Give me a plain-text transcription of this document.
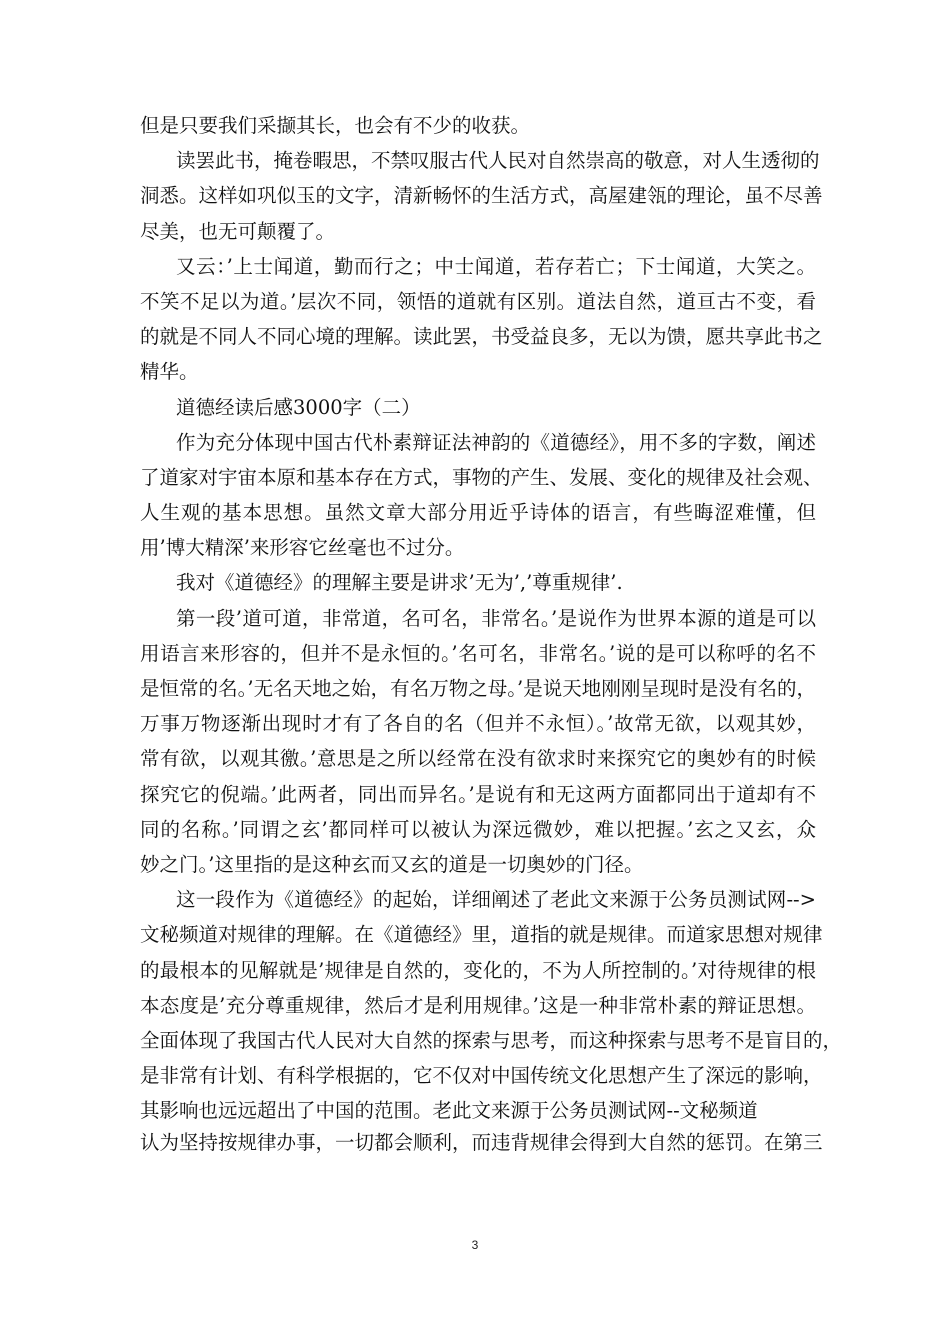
但是只要我们采撷其长，也会有不少的收获。
读罢此书，掩卷暇思，不禁叹服古代人民对自然崇高的敬意，对人生透彻的
洞悉。这样如巩似玉的文字，清新畅怀的生活方式，高屋建瓴的理论，虽不尽善
尽美，也无可颠覆了。
又云：’上士闻道，勤而行之；中士闻道，若存若亡；下士闻道，大笑之。
不笑不足以为道。’层次不同，领悟的道就有区别。道法自然，道亘古不变，看
的就是不同人不同心境的理解。读此罢，书受益良多，无以为馈，愿共享此书之
精华。
道德经读后感3000字（二）
作为充分体现中国古代朴素辩证法神韵的《道德经》，用不多的字数，阐述
了道家对宇宙本原和基本存在方式，事物的产生、发展、变化的规律及社会观、
人生观的基本思想。虽然文章大部分用近乎诗体的语言，有些晦涩难懂，但
用’博大精深’来形容它丝毫也不过分。
我对《道德经》的理解主要是讲求’无为’,’尊重规律’.
第一段’道可道，非常道，名可名，非常名。’是说作为世界本源的道是可以
用语言来形容的，但并不是永恒的。’名可名，非常名。’说的是可以称呼的名不
是恒常的名。’无名天地之始，有名万物之母。’是说天地刚刚呈现时是没有名的，
万事万物逐渐出现时才有了各自的名（但并不永恒）。’故常无欲，以观其妙，
常有欲，以观其徼。’意思是之所以经常在没有欲求时来探究它的奥妙有的时候
探究它的倪端。’此两者，同出而异名。’是说有和无这两方面都同出于道却有不
同的名称。’同谓之玄’都同样可以被认为深远微妙，难以把握。’玄之又玄，众
妙之门。’这里指的是这种玄而又玄的道是一切奥妙的门径。
这一段作为《道德经》的起始，详细阐述了老此文来源于公务员测试网-->
文秘频道对规律的理解。在《道德经》里，道指的就是规律。而道家思想对规律
的最根本的见解就是’规律是自然的，变化的，不为人所控制的。’对待规律的根
本态度是’充分尊重规律，然后才是利用规律。’这是一种非常朴素的辩证思想。
全面体现了我国古代人民对大自然的探索与思考，而这种探索与思考不是盲目的，
是非常有计划、有科学根据的，它不仅对中国传统文化思想产生了深远的影响，
其影响也远远超出了中国的范围。老此文来源于公务员测试网--文秘频道
认为坚持按规律办事，一切都会顺利，而违背规律会得到大自然的惩罚。在第三
3
